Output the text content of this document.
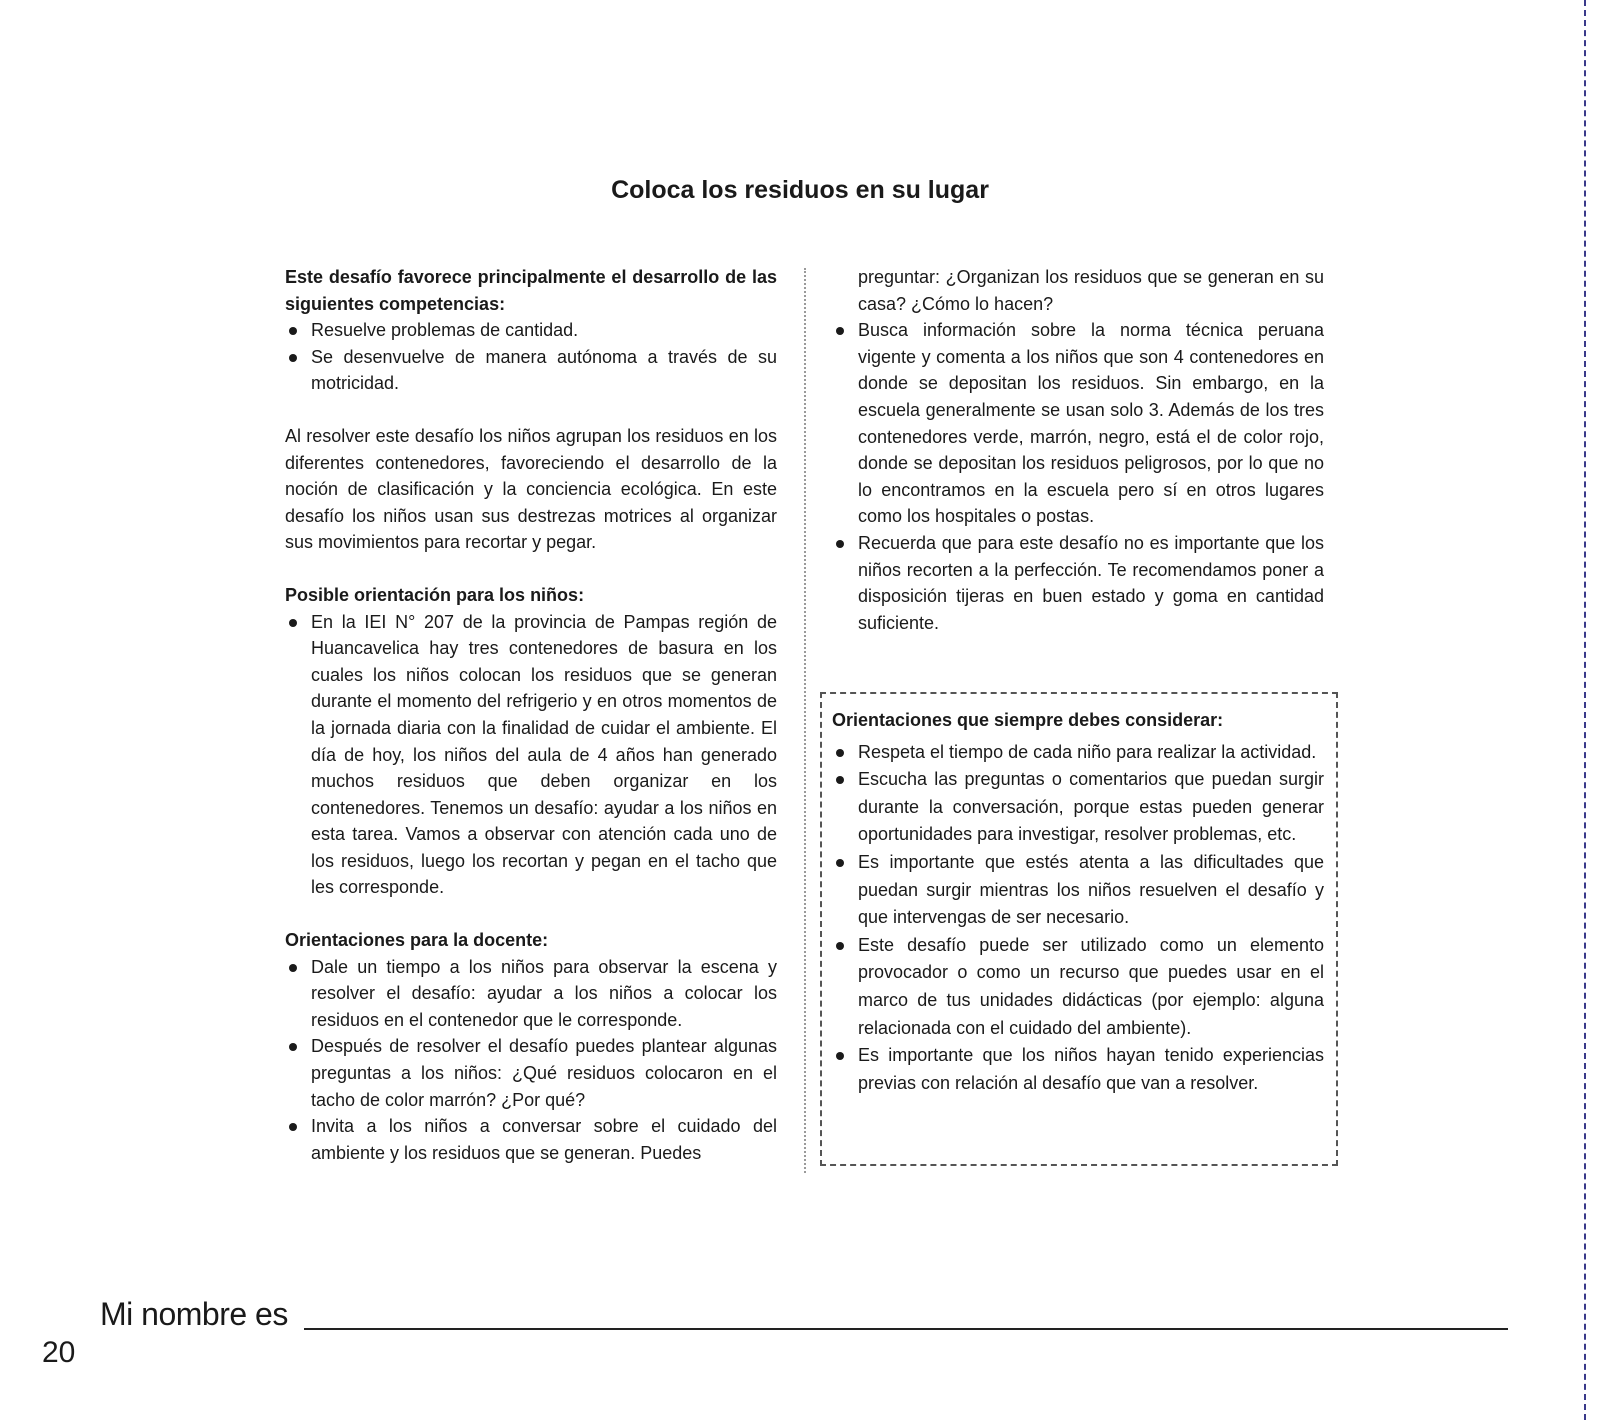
Coloca los residuos en su lugar

Este desafío favorece principalmente el desarrollo de las siguientes competencias:

Resuelve problemas de cantidad.
Se desenvuelve de manera autónoma a través de su motricidad.

Al resolver este desafío los niños agrupan los residuos en los diferentes contenedores, favoreciendo el desarrollo de la noción de clasificación y la conciencia ecológica. En este desafío los niños usan sus destrezas motrices al organizar sus movimientos para recortar y pegar.

Posible orientación para los niños:

En la IEI N° 207 de la provincia de Pampas región de Huancavelica hay tres contenedores de basura en los cuales los niños colocan los residuos que se generan durante el momento del refrigerio y en otros momentos de la jornada diaria con la finalidad de cuidar el ambiente. El día de hoy, los niños del aula de 4 años han generado muchos residuos que deben organizar en los contenedores. Tenemos un desafío: ayudar a los niños en esta tarea. Vamos a observar con atención cada uno de los residuos, luego los recortan y pegan en el tacho que les corresponde.

Orientaciones para la docente:

Dale un tiempo a los niños para observar la escena y resolver el desafío: ayudar a los niños a colocar los residuos en el contenedor que le corresponde.
Después de resolver el desafío puedes plantear algunas preguntas a los niños: ¿Qué residuos colocaron en el tacho de color marrón? ¿Por qué?
Invita a los niños a conversar sobre el cuidado del ambiente y los residuos que se generan. Puedes
preguntar: ¿Organizan los residuos que se generan en su casa? ¿Cómo lo hacen?
Busca información sobre la norma técnica peruana vigente y comenta a los niños que son 4 contenedores en donde se depositan los residuos. Sin embargo, en la escuela generalmente se usan solo 3. Además de los tres contenedores verde, marrón, negro, está el de color rojo, donde se depositan los residuos peligrosos, por lo que no lo encontramos en la escuela pero sí en otros lugares como los hospitales o postas.
Recuerda que para este desafío no es importante que los niños recorten a la perfección. Te recomendamos poner a disposición tijeras en buen estado y goma en cantidad suficiente.

Orientaciones que siempre debes considerar:

Respeta el tiempo de cada niño para realizar la actividad.
Escucha las preguntas o comentarios que puedan surgir durante la conversación, porque estas pueden generar oportunidades para investigar, resolver problemas, etc.
Es importante que estés atenta a las dificultades que puedan surgir mientras los niños resuelven el desafío y que intervengas de ser necesario.
Este desafío puede ser utilizado como un elemento provocador o como un recurso que puedes usar en el marco de tus unidades didácticas (por ejemplo: alguna relacionada con el cuidado del ambiente).
Es importante que los niños hayan tenido experiencias previas con relación al desafío que van a resolver.
Mi nombre es
20
